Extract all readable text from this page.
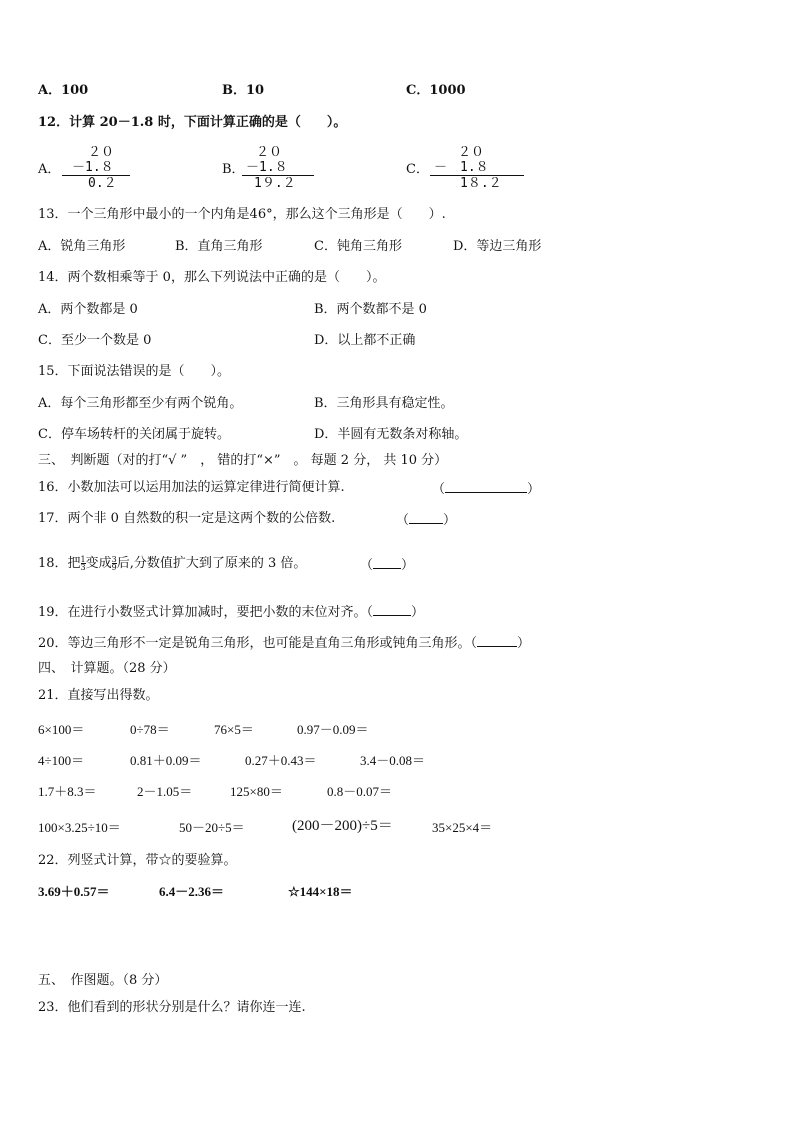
A．100	B．10	C．1000
12．计算 20－1.8 时，下面计算正确的是（　　）。
A．
２０
－1.８
0.２
B．
２０
－1.８
1９.２
C．
２０
－　1.８
1８.２
13．一个三角形中最小的一个内角是46°，那么这个三角形是（　　）.
A．锐角三角形	B．直角三角形	C．钝角三角形	D．等边三角形
14．两个数相乘等于 0，那么下列说法中正确的是（　　）。
A．两个数都是 0	B．两个数都不是 0
C．至少一个数是 0	D．以上都不正确
15．下面说法错误的是（　　）。
A．每个三角形都至少有两个锐角。	B．三角形具有稳定性。
C．停车场转杆的关闭属于旋转。	D．半圆有无数条对称轴。
三、　判断题（对的打“√ ”　， 错的打“×”　。 每题 2 分， 共 10 分）
16．小数加法可以运用加法的运算定律进行简便计算.	（	）
17．两个非 0 自然数的积一定是这两个数的公倍数.	（	）
18．把 $\frac{1}{3}$ 变成 $\frac{3}{9}$ 后,分数值扩大到了原来的 3 倍。	（ ）
19．在进行小数竖式计算加减时，要把小数的末位对齐。（	）
20．等边三角形不一定是锐角三角形，也可能是直角三角形或钝角三角形。（	）
四、　计算题。（28 分）
21．直接写出得数。
6×100＝	0÷78＝	76×5＝	0.97－0.09＝
4÷100＝	0.81＋0.09＝	0.27＋0.43＝	3.4－0.08＝
1.7＋8.3＝	2－1.05＝	125×80＝	0.8－0.07＝
100×3.25÷10＝	50－20÷5＝	(200－200)÷5＝	35×25×4＝
22．列竖式计算，带☆的要验算。
3.69＋0.57＝	6.4－2.36＝	☆144×18＝
五、　作图题。（8 分）
23．他们看到的形状分别是什么？请你连一连.
